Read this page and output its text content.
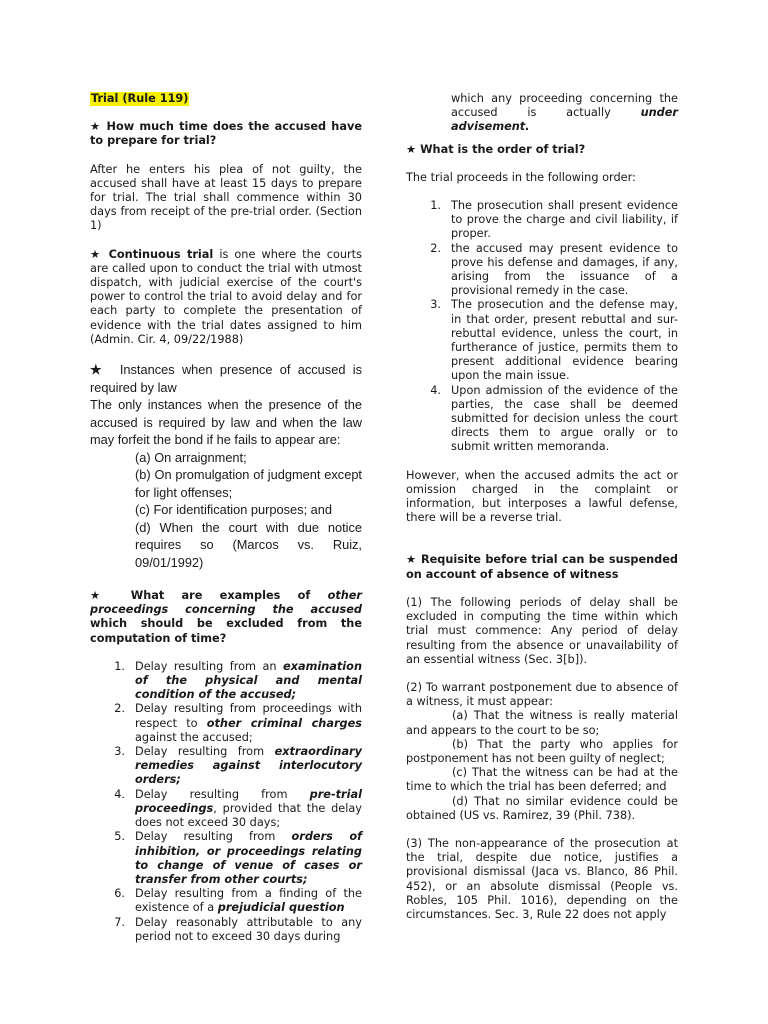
Trial (Rule 119)

★ How much time does the accused have to prepare for trial?

After he enters his plea of not guilty, the accused shall have at least 15 days to prepare for trial. The trial shall commence within 30 days from receipt of the pre-trial order. (Section 1)

★ Continuous trial is one where the courts are called upon to conduct the trial with utmost dispatch, with judicial exercise of the court's power to control the trial to avoid delay and for each party to complete the presentation of evidence with the trial dates assigned to him (Admin. Cir. 4, 09/22/1988)

★ Instances when presence of accused is required by law

The only instances when the presence of the accused is required by law and when the law may forfeit the bond if he fails to appear are:

(a) On arraignment;

(b) On promulgation of judgment except for light offenses;

(c) For identification purposes; and

(d) When the court with due notice requires so (Marcos vs. Ruiz, 09/01/1992)

★ What are examples of other proceedings concerning the accused which should be excluded from the computation of time?

1. Delay resulting from an examination of the physical and mental condition of the accused;
2. Delay resulting from proceedings with respect to other criminal charges against the accused;
3. Delay resulting from extraordinary remedies against interlocutory orders;
4. Delay resulting from pre-trial proceedings, provided that the delay does not exceed 30 days;
5. Delay resulting from orders of inhibition, or proceedings relating to change of venue of cases or transfer from other courts;
6. Delay resulting from a finding of the existence of a prejudicial question
7. Delay reasonably attributable to any period not to exceed 30 days during
which any proceeding concerning the accused is actually under advisement.

★ What is the order of trial?

The trial proceeds in the following order:

1. The prosecution shall present evidence to prove the charge and civil liability, if proper.
2. the accused may present evidence to prove his defense and damages, if any, arising from the issuance of a provisional remedy in the case.
3. The prosecution and the defense may, in that order, present rebuttal and sur-rebuttal evidence, unless the court, in furtherance of justice, permits them to present additional evidence bearing upon the main issue.
4. Upon admission of the evidence of the parties, the case shall be deemed submitted for decision unless the court directs them to argue orally or to submit written memoranda.

However, when the accused admits the act or omission charged in the complaint or information, but interposes a lawful defense, there will be a reverse trial.

★ Requisite before trial can be suspended on account of absence of witness

(1) The following periods of delay shall be excluded in computing the time within which trial must commence: Any period of delay resulting from the absence or unavailability of an essential witness (Sec. 3[b]).

(2) To warrant postponement due to absence of a witness, it must appear:

(a) That the witness is really material and appears to the court to be so;

(b) That the party who applies for postponement has not been guilty of neglect;

(c) That the witness can be had at the time to which the trial has been deferred; and

(d) That no similar evidence could be obtained (US vs. Ramirez, 39 (Phil. 738).

(3) The non-appearance of the prosecution at the trial, despite due notice, justifies a provisional dismissal (Jaca vs. Blanco, 86 Phil. 452), or an absolute dismissal (People vs. Robles, 105 Phil. 1016), depending on the circumstances. Sec. 3, Rule 22 does not apply
